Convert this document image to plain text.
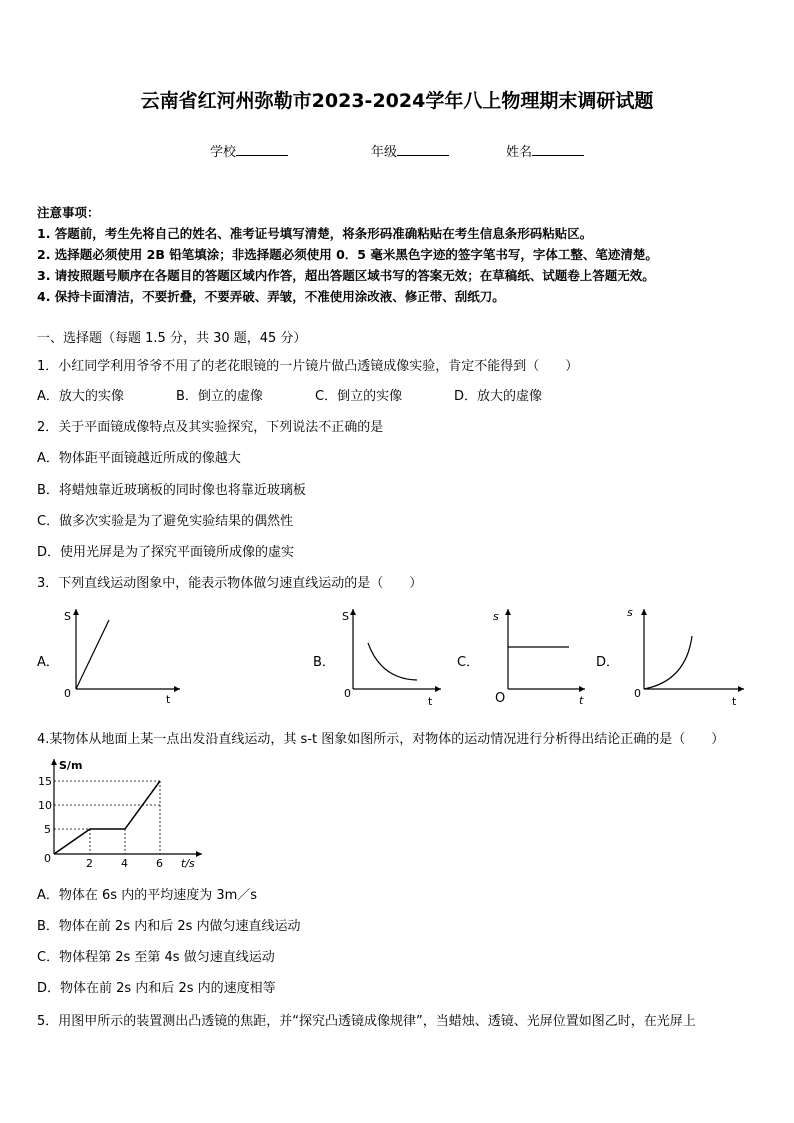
云南省红河州弥勒市2023-2024学年八上物理期末调研试题
学校	年级	姓名
注意事项：
1. 答题前，考生先将自己的姓名、准考证号填写清楚，将条形码准确粘贴在考生信息条形码粘贴区。
2. 选择题必须使用 2B 铅笔填涂；非选择题必须使用 0．5 毫米黑色字迹的签字笔书写，字体工整、笔迹清楚。
3. 请按照题号顺序在各题目的答题区域内作答，超出答题区域书写的答案无效；在草稿纸、试题卷上答题无效。
4. 保持卡面清洁，不要折叠，不要弄破、弄皱，不准使用涂改液、修正带、刮纸刀。
一、选择题（每题 1.5 分，共 30 题，45 分）
1．小红同学利用爷爷不用了的老花眼镜的一片镜片做凸透镜成像实验，肯定不能得到（　　）
A．放大的实像	B．倒立的虚像	C．倒立的实像	D．放大的虚像
2．关于平面镜成像特点及其实验探究，下列说法不正确的是
A．物体距平面镜越近所成的像越大
B．将蜡烛靠近玻璃板的同时像也将靠近玻璃板
C．做多次实验是为了避免实验结果的偶然性
D．使用光屏是为了探究平面镜所成像的虚实
3．下列直线运动图象中，能表示物体做匀速直线运动的是（　　）
A．
S
0	t
B．
S
0
t
C．
s
O	t
D．
s
0
t
4.某物体从地面上某一点出发沿直线运动，其 s-t 图象如图所示，对物体的运动情况进行分析得出结论正确的是（　　）
S/m
15
10
5
0	2	4	6 t/s
A．物体在 6s 内的平均速度为 3m／s
B．物体在前 2s 内和后 2s 内做匀速直线运动
C．物体程第 2s 至第 4s 做匀速直线运动
D．物体在前 2s 内和后 2s 内的速度相等
5．用图甲所示的装置测出凸透镜的焦距，并“探究凸透镜成像规律”，当蜡烛、透镜、光屏位置如图乙时，在光屏上
